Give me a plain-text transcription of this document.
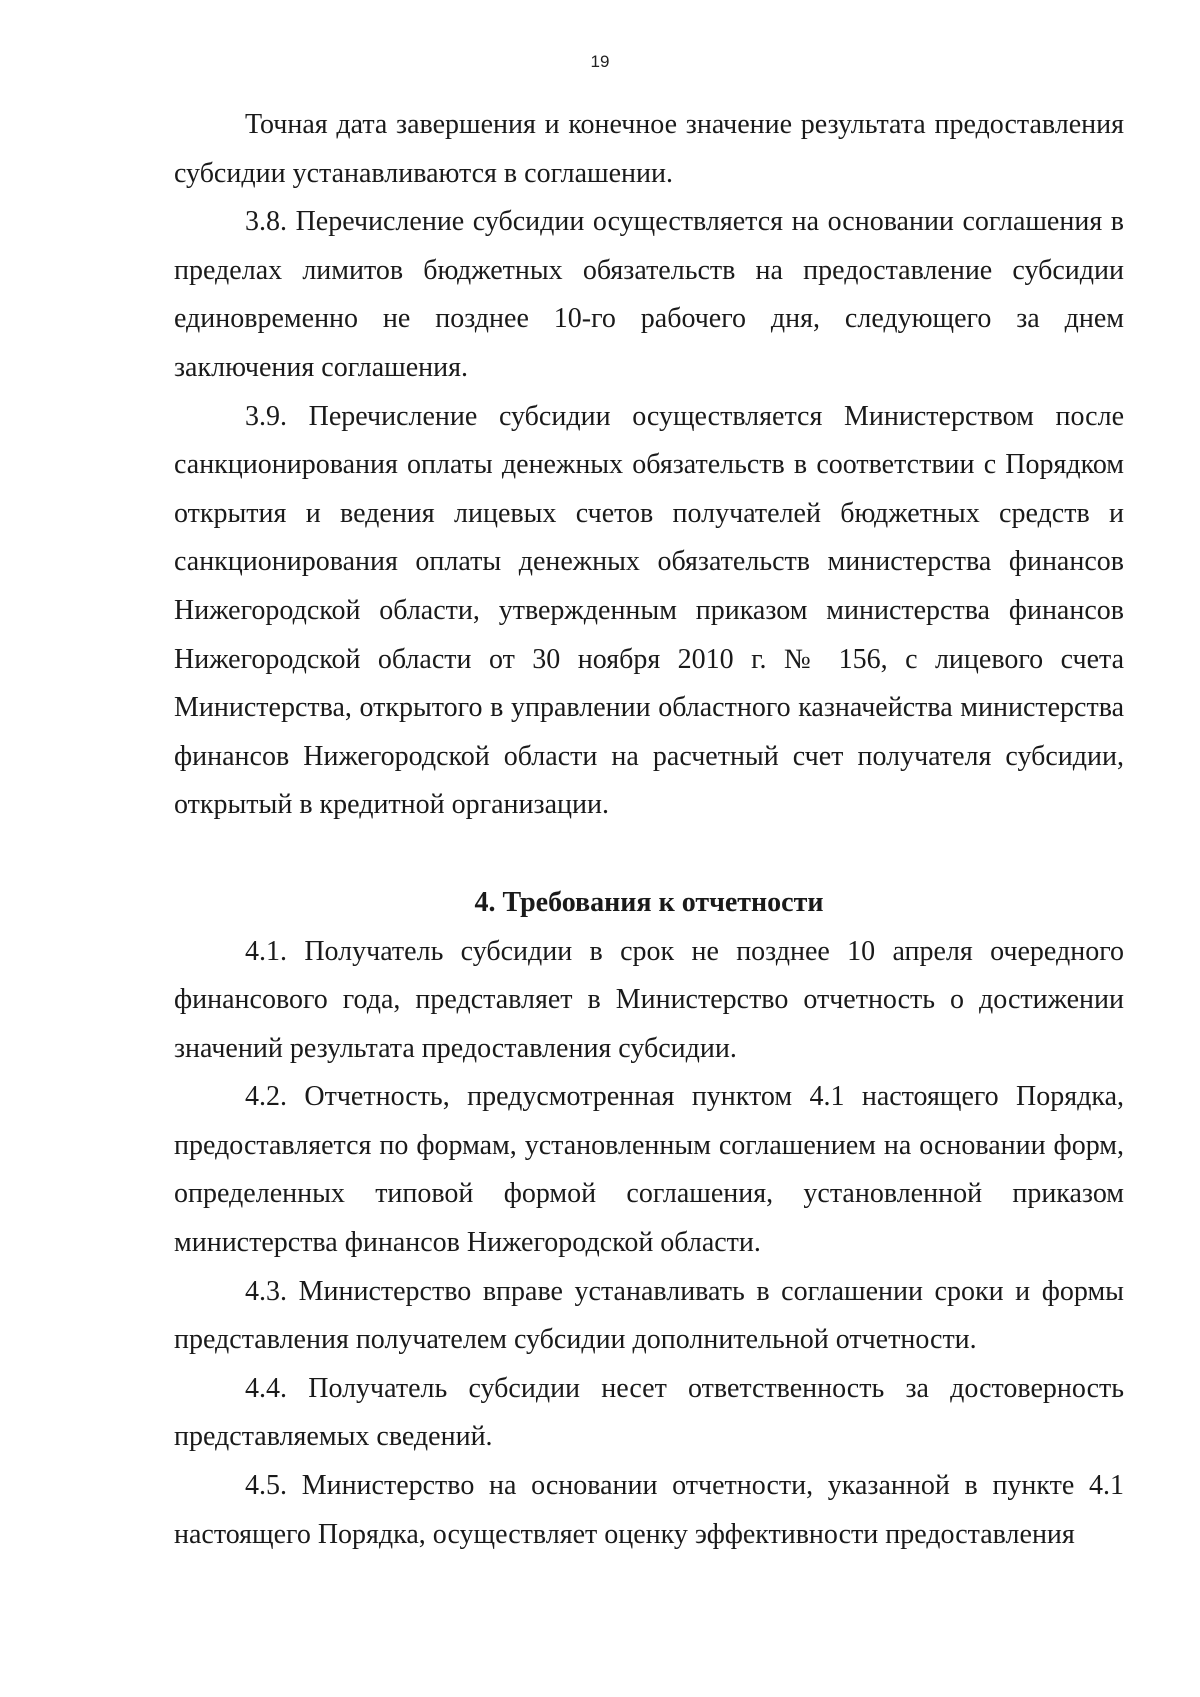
19

Точная дата завершения и конечное значение результата предоставления субсидии устанавливаются в соглашении.

3.8. Перечисление субсидии осуществляется на основании соглашения в пределах лимитов бюджетных обязательств на предоставление субсидии единовременно не позднее 10-го рабочего дня, следующего за днем заключения соглашения.

3.9. Перечисление субсидии осуществляется Министерством после санкционирования оплаты денежных обязательств в соответствии с Порядком открытия и ведения лицевых счетов получателей бюджетных средств и санкционирования оплаты денежных обязательств министерства финансов Нижегородской области, утвержденным приказом министерства финансов Нижегородской области от 30 ноября 2010 г. № 156, с лицевого счета Министерства, открытого в управлении областного казначейства министерства финансов Нижегородской области на расчетный счет получателя субсидии, открытый в кредитной организации.

4. Требования к отчетности

4.1. Получатель субсидии в срок не позднее 10 апреля очередного финансового года, представляет в Министерство отчетность о достижении значений результата предоставления субсидии.

4.2. Отчетность, предусмотренная пунктом 4.1 настоящего Порядка, предоставляется по формам, установленным соглашением на основании форм, определенных типовой формой соглашения, установленной приказом министерства финансов Нижегородской области.

4.3. Министерство вправе устанавливать в соглашении сроки и формы представления получателем субсидии дополнительной отчетности.

4.4. Получатель субсидии несет ответственность за достоверность представляемых сведений.

4.5. Министерство на основании отчетности, указанной в пункте 4.1 настоящего Порядка, осуществляет оценку эффективности предоставления
